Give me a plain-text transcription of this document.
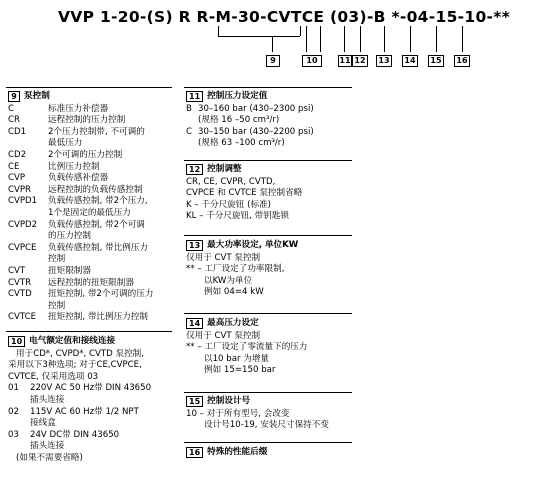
VVP 1-20-(S) R R-M-30-CVTCE (03)-B *-04-15-10-**
9	10	11 12	13	14	15	16
9 泵控制
C	标准压力补偿器
CR	远程控制的压力控制
CD1	2个压力控制带, 不可调的
最低压力
CD2	2个可调的压力控制
CE	比例压力控制
CVP	负载传感补偿器
CVPR	远程控制的负载传感控制
CVPD1	负载传感控制, 带2个压力,
1个是固定的最低压力
CVPD2	负载传感控制, 带2个可调
的压力控制
CVPCE	负载传感控制, 带比例压力
控制
CVT	扭矩限制器
CVTR	远程控制的扭矩限制器
CVTD	扭矩控制, 带2个可调的压力
控制
CVTCE	扭矩控制, 带比例压力控制
10 电气额定值和接线连接
用于CD*, CVPD*, CVTD 泵控制,
采用以下3种选项; 对于CE,CVPCE,
CVTCE, 仅采用选项 03
01	220V AC 50 Hz带 DIN 43650
插头连接
02	115V AC 60 Hz带 1/2 NPT
接线盒
03	24V DC带 DIN 43650
插头连接
(如果不需要省略)
11 控制压力设定值
B 30–160 bar (430–2300 psi)
(规格 16 –50 cm³/r)
C 30–150 bar (430–2200 psi)
(规格 63 –100 cm³/r)
12 控制调整
CR, CE, CVPR, CVTD,
CVPCE 和 CVTCE 泵控制省略
K – 千分尺旋钮 (标准)
KL – 千分尺旋钮, 带钥匙锁
13 最大功率设定, 单位KW
仅用于 CVT 泵控制
** – 工厂设定了功率限制,
以KW为单位
例如 04=4 kW
14 最高压力设定
仅用于 CVT 泵控制
** – 工厂设定了零流量下的压力
以10 bar 为增量
例如 15=150 bar
15 控制设计号
10 – 对于所有型号, 会改变
设计号10-19, 安装尺寸保持不变
16 特殊的性能后缀
